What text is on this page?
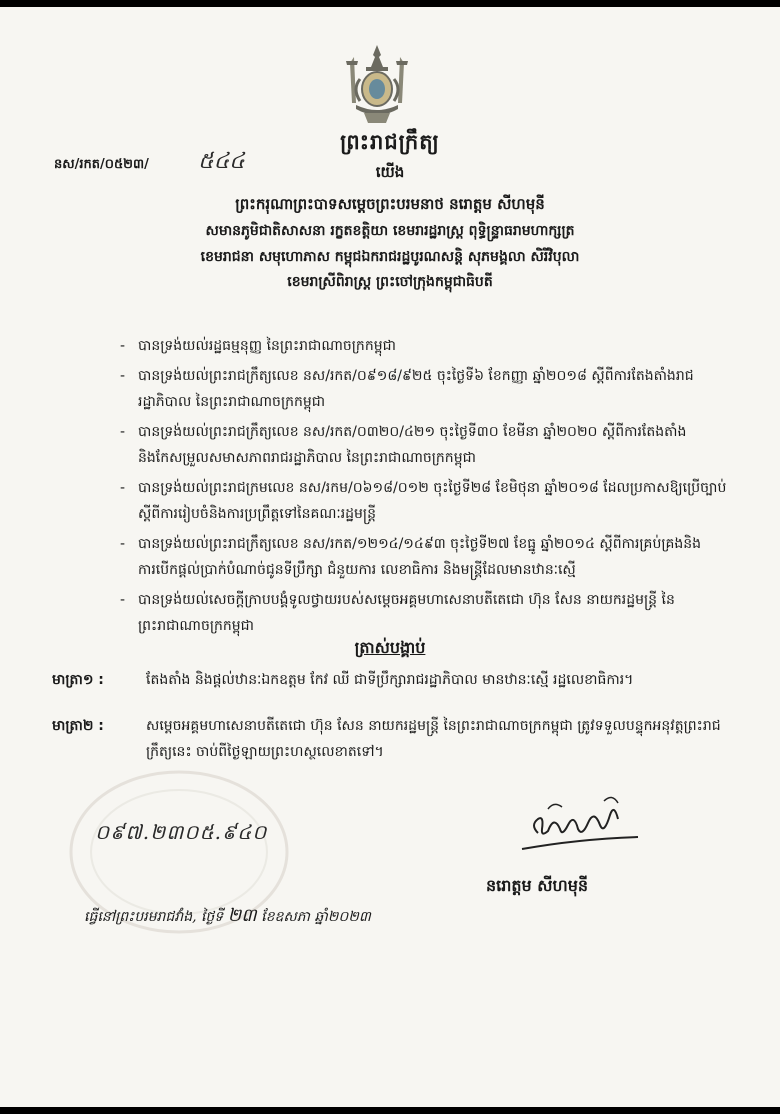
ព្រះរាជក្រឹត្យ
នស/រកត/០៥២៣/ ៥៤៤	យើង
ព្រះករុណាព្រះបាទសម្តេចព្រះបរមនាថ នរោត្តម សីហមុនី
សមានភូមិជាតិសាសនា រក្ខតខត្តិយា ខេមរារដ្ឋរាស្ត្រ ពុទ្ធិន្ទ្រាធរាមហាក្សត្រ
ខេមរាជនា សមុហោភាស កម្ពុជឯករាជរដ្ឋបូរណសន្តិ សុភមង្គលា សិរីវិបុលា
ខេមរាស្រីពិរាស្ត្រ ព្រះចៅក្រុងកម្ពុជាធិបតី
- បានទ្រង់យល់រដ្ឋធម្មនុញ្ញ នៃព្រះរាជាណាចក្រកម្ពុជា
- បានទ្រង់យល់ព្រះរាជក្រឹត្យលេខ នស/រកត/០៩១៨/៩២៥ ចុះថ្ងៃទី៦ ខែកញ្ញា ឆ្នាំ២០១៨ ស្តីពីការតែងតាំងរាជរដ្ឋាភិបាល នៃព្រះរាជាណាចក្រកម្ពុជា
- បានទ្រង់យល់ព្រះរាជក្រឹត្យលេខ នស/រកត/០៣២០/៤២១ ចុះថ្ងៃទី៣០ ខែមីនា ឆ្នាំ២០២០ ស្តីពីការតែងតាំង និងកែសម្រួលសមាសភាពរាជរដ្ឋាភិបាល នៃព្រះរាជាណាចក្រកម្ពុជា
- បានទ្រង់យល់ព្រះរាជក្រមលេខ នស/រកម/០៦១៨/០១២ ចុះថ្ងៃទី២៨ ខែមិថុនា ឆ្នាំ២០១៨ ដែលប្រកាសឱ្យប្រើច្បាប់ស្តីពីការរៀបចំនិងការប្រព្រឹត្តទៅនៃគណៈរដ្ឋមន្ត្រី
- បានទ្រង់យល់ព្រះរាជក្រឹត្យលេខ នស/រកត/១២១៤/១៤៩៣ ចុះថ្ងៃទី២៧ ខែធ្នូ ឆ្នាំ២០១៤ ស្តីពីការគ្រប់គ្រងនិងការបើកផ្តល់ប្រាក់បំណាច់ជូនទីប្រឹក្សា ជំនួយការ លេខាធិការ និងមន្ត្រីដែលមានឋានៈស្មើ
- បានទ្រង់យល់សេចក្តីក្រាបបង្គំទូលថ្វាយរបស់សម្តេចអគ្គមហាសេនាបតីតេជោ ហ៊ុន សែន នាយករដ្ឋមន្ត្រី នៃព្រះរាជាណាចក្រកម្ពុជា
ត្រាស់បង្គាប់
មាត្រា១ :	តែងតាំង និងផ្តល់ឋានៈឯកឧត្តម កែវ ឈី ជាទីប្រឹក្សារាជរដ្ឋាភិបាល មានឋានៈស្មើ រដ្ឋលេខាធិការ។
មាត្រា២ :	សម្តេចអគ្គមហាសេនាបតីតេជោ ហ៊ុន សែន នាយករដ្ឋមន្ត្រី នៃព្រះរាជាណាចក្រកម្ពុជា ត្រូវទទួលបន្ទុកអនុវត្តព្រះរាជក្រឹត្យនេះ ចាប់ពីថ្ងៃឡាយព្រះហស្ថលេខាតទៅ។
០៩៧.២៣០៥.៩៤០
នរោត្តម សីហមុនី
ធ្វើនៅព្រះបរមរាជវាំង, ថ្ងៃទី ២៣ ខែឧសភា ឆ្នាំ២០២៣
